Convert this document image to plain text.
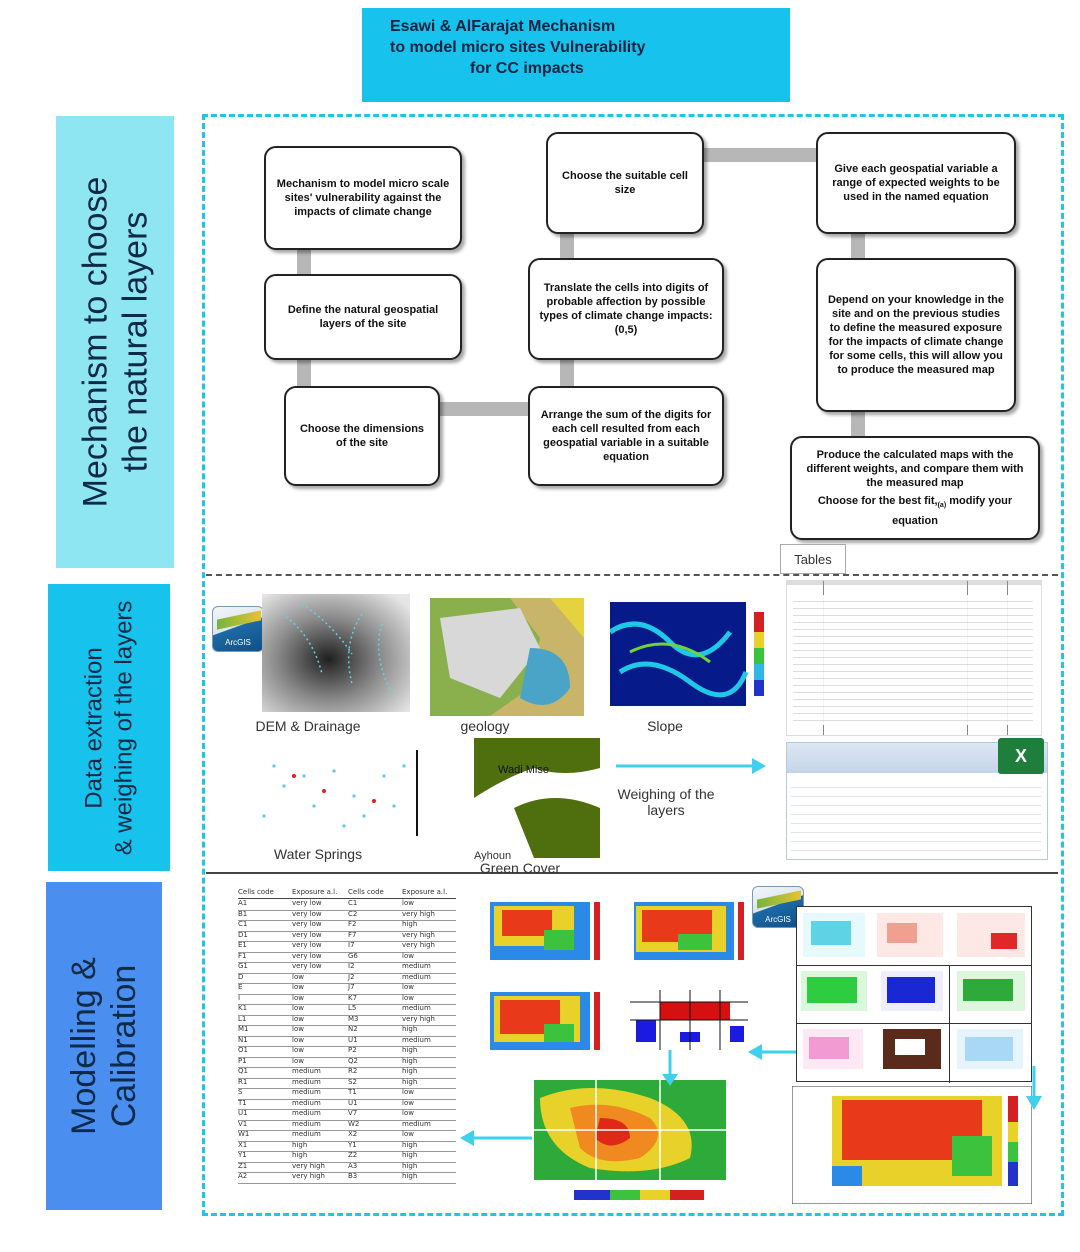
Esawi & AlFarajat Mechanism

to model micro sites Vulnerability
for CC impacts
Mechanism to choose
the natural layers
Data extraction & weighing of the layers
Modelling &
Calibration
Mechanism to model micro scale sites' vulnerability against the impacts of climate change
Define the natural geospatial layers of the site
Choose the dimensions of the site
Arrange the sum of the digits for each cell resulted from each geospatial variable in a suitable equation
Translate the cells into digits of probable affection by possible types of climate change impacts: (0,5)
Choose the suitable cell size
Give each geospatial variable a range of expected weights to be used in the named equation
Depend on your knowledge in the site and on the previous studies to define the measured exposure for the impacts of climate change for some cells, this will allow you to produce the measured map
Produce the calculated maps with the different weights, and compare them with the measured map
Choose for the best $fit,_{(a)}$ modify your equation
Tables
ArcGIS
DEM & Drainage	geology	Slope
Water Springs
Wadi Mise
Ayhoun
Green Cover
Weighing of the layers
X
Cells code	Exposure a.l. Cells code	Exposure a.l.
A1	very low	C1	low
B1	very low	C2	very high
C1	very low	F2	high
D1	very low	F7	very high
E1	very low	I7	very high
F1	very low	G6	low
G1	very low	I2	medium
D	low	J2	medium
E	low	J7	low
I	low	K7	low
K1	low	L5	medium
L1	low	M3	very high
M1	low	N2	high
N1	low	U1	medium
O1	low	P2	high
P1	low	Q2	high
Q1	medium	R2	high
R1	medium	S2	high
S	medium	T1	low
T1	medium	U1	low
U1	medium	V7	low
V1	medium	W2	medium
W1	medium	X2	low
X1	high	Y1	high
Y1	high	Z2	high
Z1	very high	A3	high
A2	very high	B3	high
ArcGIS
